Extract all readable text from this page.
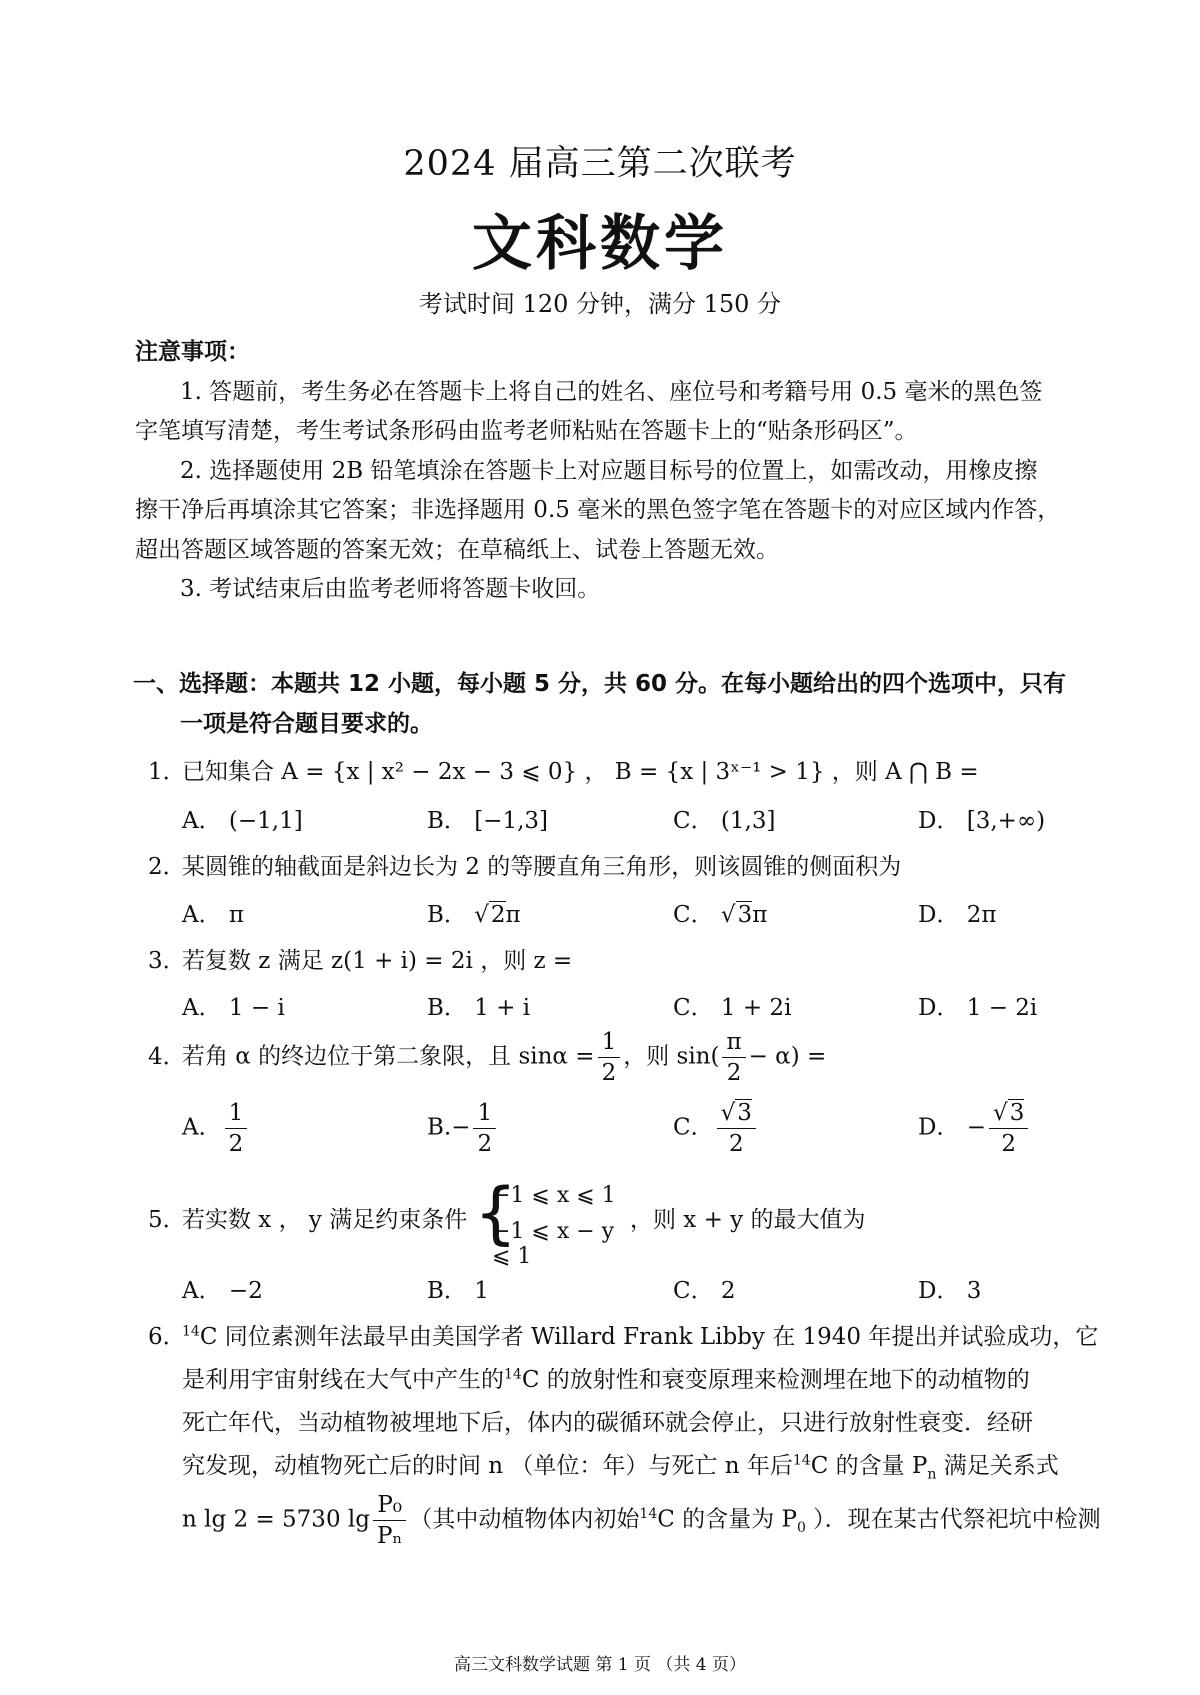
2024 届高三第二次联考
文科数学
考试时间 120 分钟，满分 150 分
注意事项：
1. 答题前，考生务必在答题卡上将自己的姓名、座位号和考籍号用 0.5 毫米的黑色签
字笔填写清楚，考生考试条形码由监考老师粘贴在答题卡上的“贴条形码区”。
2. 选择题使用 2B 铅笔填涂在答题卡上对应题目标号的位置上，如需改动，用橡皮擦
擦干净后再填涂其它答案；非选择题用 0.5 毫米的黑色签字笔在答题卡的对应区域内作答，
超出答题区域答题的答案无效；在草稿纸上、试卷上答题无效。
3. 考试结束后由监考老师将答题卡收回。
一、选择题：本题共 12 小题，每小题 5 分，共 60 分。在每小题给出的四个选项中，只有
一项是符合题目要求的。
1．已知集合 A = {x | x² − 2x − 3 ⩽ 0} ， B = {x | 3ˣ⁻¹ > 1} ，则 A ⋂ B =
A． (−1,1]	B． [−1,3]	C． (1,3]	D． [3,+∞)
2．某圆锥的轴截面是斜边长为 2 的等腰直角三角形，则该圆锥的侧面积为
A． π	B． √2π	C． √3π	D． 2π
3．若复数 z 满足 z(1 + i) = 2i ，则 z =
A． 1 − i	B． 1 + i	C． 1 + 2i	D． 1 − 2i
4．若角 α 的终边位于第二象限，且 $\sin\alpha = \frac{1}{2}$ ，则 $\sin( \frac{\pi}{2} - \alpha)$ =
A． $\frac{1}{2}$	$B.- \frac{1}{2}$	C． $\frac{√3}{2}$	D． − $\frac{√3}{2}$
5．若实数 x ， y 满足约束条件 {
−1 ⩽ x ⩽ 1
−1 ⩽ x − y ⩽ 1
，则 x + y 的最大值为
A． −2	B． 1	C． 2	D． 3
6．$^{14}$C 同位素测年法最早由美国学者 Willard Frank Libby 在 1940 年提出并试验成功，它
是利用宇宙射线在大气中产生的$^{14}$C 的放射性和衰变原理来检测埋在地下的动植物的
死亡年代，当动植物被埋地下后，体内的碳循环就会停止，只进行放射性衰变．经研
究发现，动植物死亡后的时间 n （单位：年）与死亡 n 年后$^{14}$C 的含量 $P_n$ 满足关系式
n lg 2 = 5730 $\lg \frac{\text{P₀}}{\text{Pₙ}}$ （其中动植物体内初始$^{14}$C 的含量为 $P_0$ ）．现在某古代祭祀坑中检测
高三文科数学试题 第 1 页 （共 4 页）
